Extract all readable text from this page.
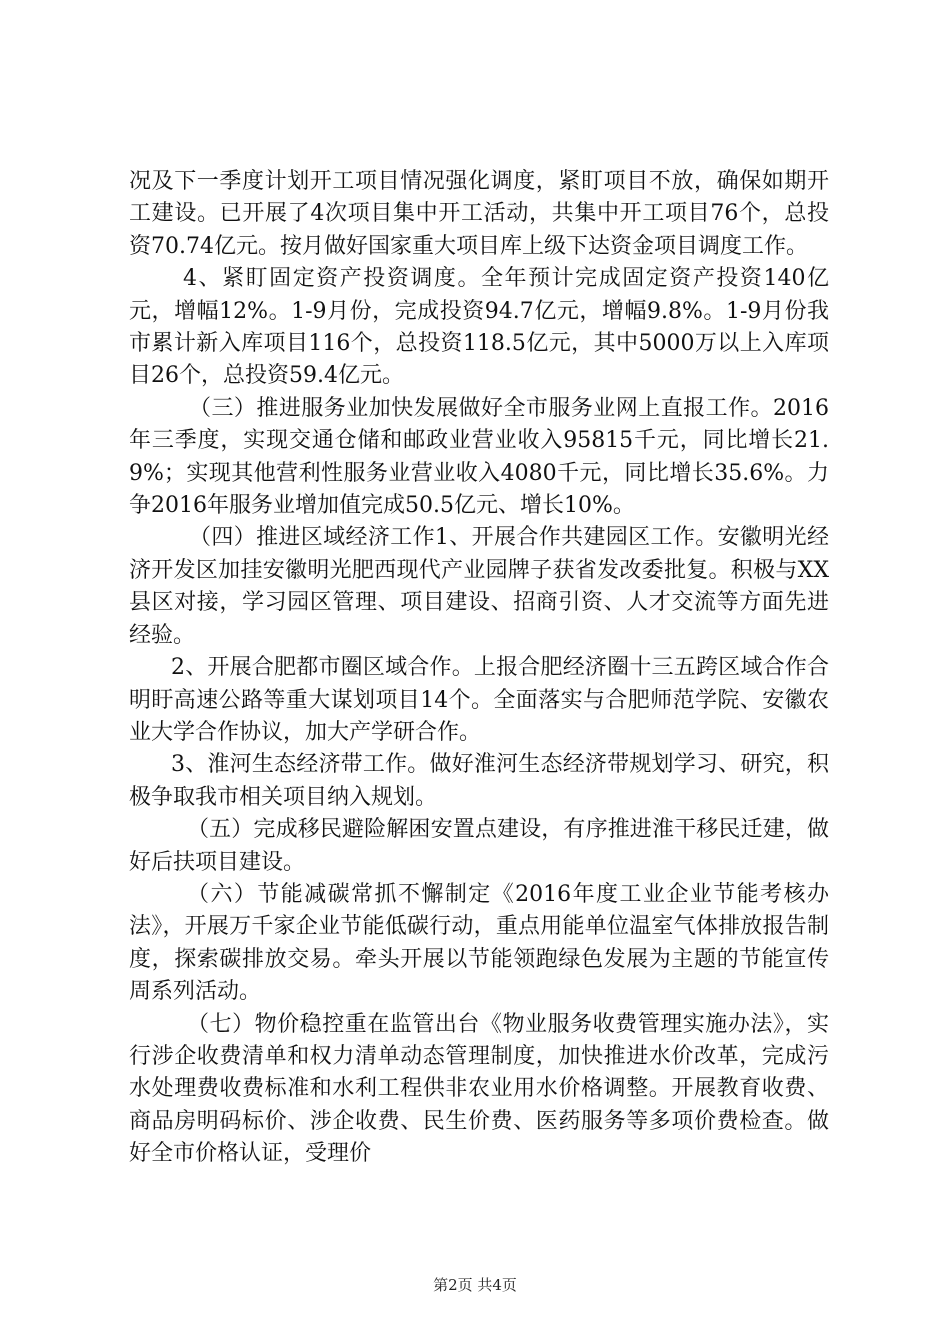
况及下一季度计划开工项目情况强化调度，紧盯项目不放，确保如期开工建设。已开展了4次项目集中开工活动，共集中开工项目76个，总投资70.74亿元。按月做好国家重大项目库上级下达资金项目调度工作。

4、紧盯固定资产投资调度。全年预计完成固定资产投资140亿元，增幅12%。1-9月份，完成投资94.7亿元，增幅9.8%。1-9月份我市累计新入库项目116个，总投资118.5亿元，其中5000万以上入库项目26个，总投资59.4亿元。

（三）推进服务业加快发展做好全市服务业网上直报工作。2016年三季度，实现交通仓储和邮政业营业收入95815千元，同比增长21.9%；实现其他营利性服务业营业收入4080千元，同比增长35.6%。力争2016年服务业增加值完成50.5亿元、增长10%。

（四）推进区域经济工作1、开展合作共建园区工作。安徽明光经济开发区加挂安徽明光肥西现代产业园牌子获省发改委批复。积极与XX县区对接，学习园区管理、项目建设、招商引资、人才交流等方面先进经验。

2、开展合肥都市圈区域合作。上报合肥经济圈十三五跨区域合作合明盱高速公路等重大谋划项目14个。全面落实与合肥师范学院、安徽农业大学合作协议，加大产学研合作。

3、淮河生态经济带工作。做好淮河生态经济带规划学习、研究，积极争取我市相关项目纳入规划。

（五）完成移民避险解困安置点建设，有序推进淮干移民迁建，做好后扶项目建设。

（六）节能减碳常抓不懈制定《2016年度工业企业节能考核办法》，开展万千家企业节能低碳行动，重点用能单位温室气体排放报告制度，探索碳排放交易。牵头开展以节能领跑绿色发展为主题的节能宣传周系列活动。

（七）物价稳控重在监管出台《物业服务收费管理实施办法》，实行涉企收费清单和权力清单动态管理制度，加快推进水价改革，完成污水处理费收费标准和水利工程供非农业用水价格调整。开展教育收费、商品房明码标价、涉企收费、民生价费、医药服务等多项价费检查。做好全市价格认证，受理价

第2页 共4页
